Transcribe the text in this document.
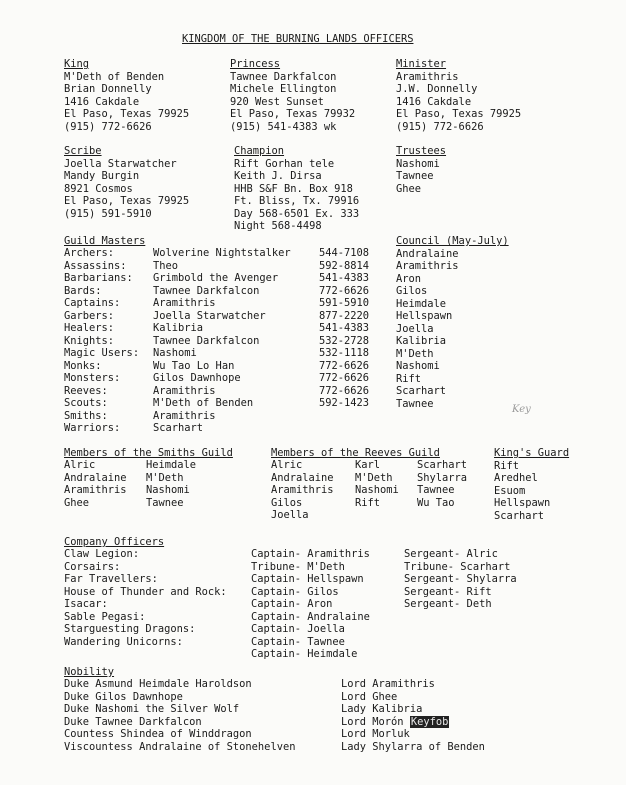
KINGDOM OF THE BURNING LANDS OFFICERS
King
M'Deth of Benden
Brian Donnelly
1416 Cakdale
El Paso, Texas 79925
(915) 772-6626
Princess
Tawnee Darkfalcon
Michele Ellington
920 West Sunset
El Paso, Texas 79932
(915) 541-4383 wk
Minister
Aramithris
J.W. Donnelly
1416 Cakdale
El Paso, Texas 79925
(915) 772-6626
Scribe
Joella Starwatcher
Mandy Burgin
8921 Cosmos
El Paso, Texas 79925
(915) 591-5910
Champion
Rift Gorhan tele
Keith J. Dirsa
HHB S&F Bn. Box 918
Ft. Bliss, Tx. 79916
Day 568-6501 Ex. 333
Night 568-4498
Trustees
Nashomi
Tawnee
Ghee
Guild Masters
Archers:
Assassins:
Barbarians:
Bards:
Captains:
Garbers:
Healers:
Knights:
Magic Users:
Monks:
Monsters:
Reeves:
Scouts:
Smiths:
Warriors:
Wolverine Nightstalker
Theo
Grimbold the Avenger
Tawnee Darkfalcon
Aramithris
Joella Starwatcher
Kalibria
Tawnee Darkfalcon
Nashomi
Wu Tao Lo Han
Gilos Dawnhope
Aramithris
M'Deth of Benden
Aramithris
Scarhart
544-7108
592-8814
541-4383
772-6626
591-5910
877-2220
541-4383
532-2728
532-1118
772-6626
772-6626
772-6626
592-1423
Council (May-July)
Andralaine
Aramithris
Aron
Gilos
Heimdale
Hellspawn
Joella
Kalibria
M'Deth
Nashomi
Rift
Scarhart
Tawnee	Key
Members of the Smiths Guild
Alric
Andralaine
Aramithris
Ghee
Heimdale
M'Deth
Nashomi
Tawnee
Members of the Reeves Guild
Alric
Andralaine
Aramithris
Gilos
Joella
Karl
M'Deth
Nashomi
Rift
Scarhart
Shylarra
Tawnee
Wu Tao
King's Guard
Rift
Aredhel
Esuom
Hellspawn
Scarhart
Company Officers
Claw Legion:
Corsairs:
Far Travellers:
House of Thunder and Rock:
Isacar:
Sable Pegasi:
Starguesting Dragons:
Wandering Unicorns:
Captain- Aramithris
Tribune- M'Deth
Captain- Hellspawn
Captain- Gilos
Captain- Aron
Captain- Andralaine
Captain- Joella
Captain- Tawnee
Captain- Heimdale
Sergeant- Alric
Tribune- Scarhart
Sergeant- Shylarra
Sergeant- Rift
Sergeant- Deth
Nobility
Duke Asmund Heimdale Haroldson
Duke Gilos Dawnhope
Duke Nashomi the Silver Wolf
Duke Tawnee Darkfalcon
Countess Shindea of Winddragon
Viscountess Andralaine of Stonehelven
Lord Aramithris
Lord Ghee
Lady Kalibria
Lord Morón Keyfob
Lord Morluk
Lady Shylarra of Benden
